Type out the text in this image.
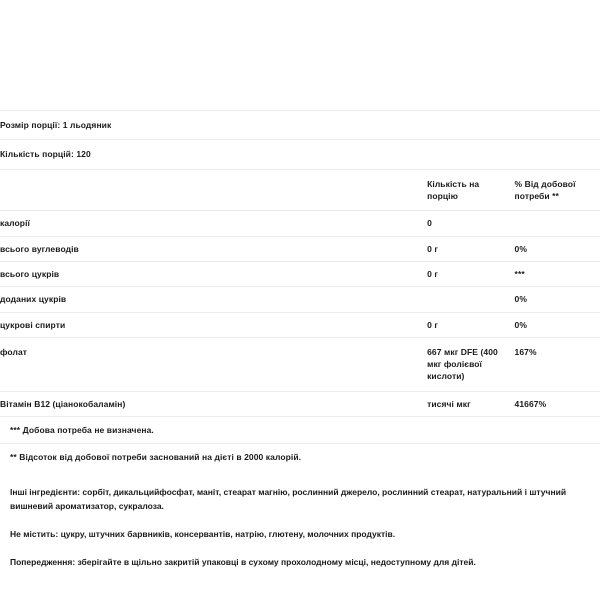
Розмір порції: 1 льодяник		
Кількість порцій: 120		
	Кількість на порцію	% Від добової потреби **
калорії	0	
всього вуглеводів	0 г	0%
всього цукрів	0 г	***
доданих цукрів		0%
цукрові спирти	0 г	0%
фолат	667 мкг DFE (400 мкг фолієвої кислоти)	167%
Вітамін B12 (ціанокобаламін)	тисячі мкг	41667%
*** Добова потреба не визначена.		
** Відсоток від добової потреби заснований на дієті в 2000 калорій.		

Інші інгредієнти: сорбіт, дикальцийфосфат, маніт, стеарат магнію, рослинний джерело, рослинний стеарат, натуральний і штучний вишневий ароматизатор, сукралоза.

Не містить: цукру, штучних барвників, консервантів, натрію, глютену, молочних продуктів.

Попередження: зберігайте в щільно закритій упаковці в сухому прохолодному місці, недоступному для дітей.
